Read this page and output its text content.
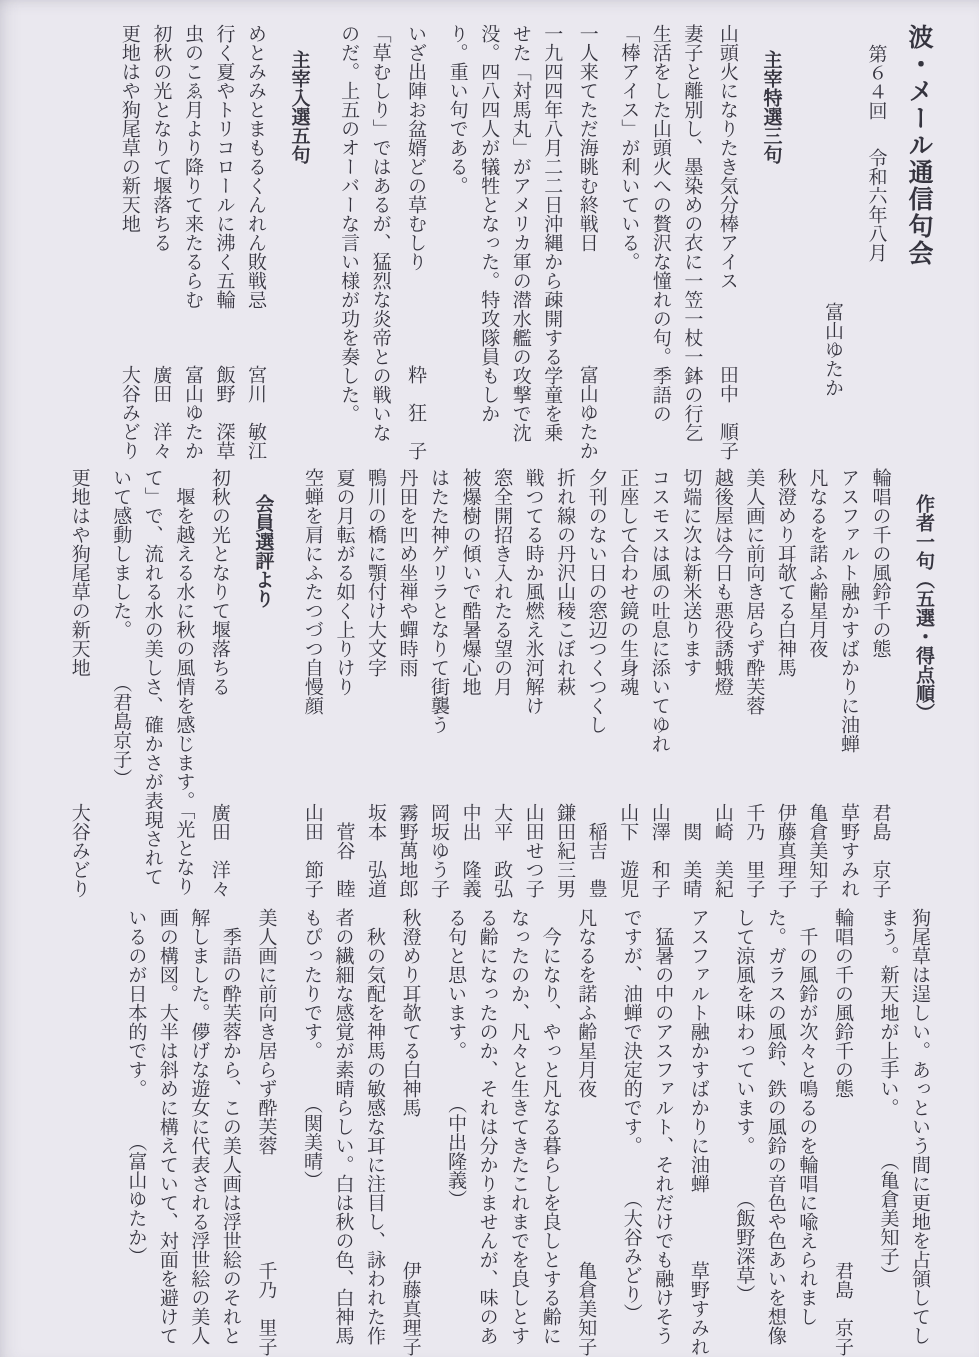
波・メール通信句会
第６４回令和六年八月
富山ゆたか
主宰特選三句
山頭火になりたき気分棒アイス
田中　順子

妻子と離別し、墨染めの衣に一笠一杖一鉢の行乞生活をした山頭火への贅沢な憧れの句。季語の「棒アイス」が利いている。

一人来てただ海眺む終戦日
富山ゆたか

一九四四年八月二二日沖縄から疎開する学童を乗せた「対馬丸」がアメリカ軍の潜水艦の攻撃で沈没。四八四人が犠牲となった。特攻隊員もしかり。重い句である。

いざ出陣お盆婿どの草むしり
粋　狂　子

「草むしり」ではあるが、猛烈な炎帝との戦いなのだ。上五のオーバーな言い様が功を奏した。

主宰入選五句
めとみみとまもるくんれん敗戦忌
宮川　敏江
行く夏やトリコロールに沸く五輪
飯野　深草
虫のこゑ月より降りて来たるらむ
富山ゆたか
初秋の光となりて堰落ちる
廣田　洋々
更地はや狗尾草の新天地
大谷みどり
作者一句（五選・得点順）
輪唱の千の風鈴千の態
君島　京子
アスファルト融かすばかりに油蝉
草野すみれ
凡なるを諾ふ齢星月夜
亀倉美知子
秋澄めり耳欹てる白神馬
伊藤真理子
美人画に前向き居らず酔芙蓉
千乃　里子
越後屋は今日も悪役誘蛾燈
山崎　美紀
切端に次は新米送ります
関　美晴
コスモスは風の吐息に添いてゆれ
山澤　和子
正座して合わせ鏡の生身魂
山下　遊児
夕刊のない日の窓辺つくつくし
稲吉　豊
折れ線の丹沢山稜こぼれ萩
鎌田紀三男
戦つてる時か風燃え氷河解け
山田せつ子
窓全開招き入れたる望の月
大平　政弘
被爆樹の傾いで酷暑爆心地
中出　隆義
はたた神ゲリラとなりて街襲う
岡坂ゆう子
丹田を凹め坐禅や蟬時雨
霧野萬地郎
鴨川の橋に顎付け大文字
坂本　弘道
夏の月転がる如く上りけり
菅谷　睦
空蝉を肩にふたつづつ自慢顔
山田　節子
会員選評より
初秋の光となりて堰落ちる
廣田　洋々

堰を越える水に秋の風情を感じます。「光となりて」で、流れる水の美しさ、確かさが表現されていて感動しました。（君島京子）

更地はや狗尾草の新天地
大谷みどり

狗尾草は逞しい。あっという間に更地を占領してしまう。新天地が上手い。（亀倉美知子）

輪唱の千の風鈴千の態
君島　京子

千の風鈴が次々と鳴るのを輪唱に喩えられました。ガラスの風鈴、鉄の風鈴の音色や色あいを想像して涼風を味わっています。（飯野深草）

アスファルト融かすばかりに油蝉
草野すみれ

猛暑の中のアスファルト、それだけでも融けそうですが、油蝉で決定的です。（大谷みどり）

凡なるを諾ふ齢星月夜
亀倉美知子

今になり、やっと凡なる暮らしを良しとする齢になったのか、凡々と生きてきたこれまでを良しとする齢になったのか、それは分かりませんが、味のある句と思います。（中出隆義）

秋澄めり耳欹てる白神馬
伊藤真理子

秋の気配を神馬の敏感な耳に注目し、詠われた作者の繊細な感覚が素晴らしい。白は秋の色、白神馬もぴったりです。（関美晴）

美人画に前向き居らず酔芙蓉
千乃　里子

季語の酔芙蓉から、この美人画は浮世絵のそれと解しました。儚げな遊女に代表される浮世絵の美人画の構図。大半は斜めに構えていて、対面を避けているのが日本的です。（富山ゆたか）
